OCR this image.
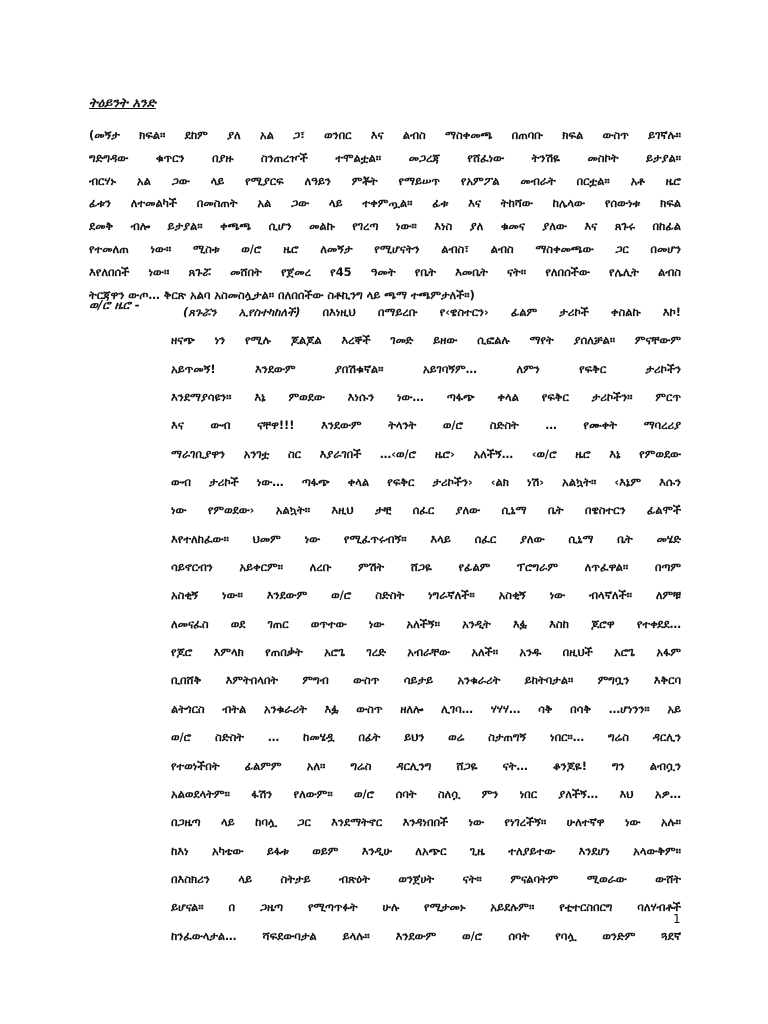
ትዕይንት አንድ
(መኝታ ክፍል። ደከም ያለ አል ጋ፣ ወንበር እና ልብስ ማስቀመጫ በጠባቡ ክፍል ውስጥ ይገኛሉ።
ግድግዳው ቁጥርን በያዙ ስንጠረዦች ተሞልቷል። መጋረጃ የሸፈነው ትንሽዬ መስኮት ይታያል።
ብርሃኑ አል ጋው ላይ የሚያርፍ ለዓይን ምቾት የማይሠጥ የአምፖል መብራት በርቷል። አቶ ዜሮ
ፊቱን ለተመልካች በመስጠት አል ጋው ላይ ተቀምጧል። ፊቱ እና ትከሻው ከሌላው የሰውነቱ ክፍል
ደመቅ ብሎ ይታያል። ቀጫጫ ሲሆን መልኩ የገረጣ ነው። እነስ ያለ ቁመና ያለው እና ጸጉሩ በከፊል
የተመለጠ ነው። ሚስቱ ወ/ሮ ዜሮ ለመኝታ የሚሆናትን ልብስ፣ ልብስ ማስቀመጫው ጋር በመሆን
እየለበሰች ነው። ጸጉሯ መሸበት የጀመረ የ45 ዓመት የቤት እመቤት ናት። የለበሰችው የሌሊት ልብስ
ትርጃዋን ውጦ… ቅርጽ አልባ አስመስሏታል። በለበሰችው ስቶኪንግ ላይ ጫማ ተጫምታለች።)
ወ/ሮ ዜሮ -	(ጸጉሯን ኢየስተካከለች) በእነዚህ በማይረቡ የ‹ዌስተርን› ፊልም ታሪኮች ቀስልኩ እኮ!
ዘናጭ ነን የሚሉ ጆልጆል እረኞች ገመድ ይዘው ሲፎልሉ ማየት ያሰለቻል። ምናቸውም
አይጥመኝ! እንደውም ያበሽቁኛል። አይገባኝም… ለምን የፍቅር ታሪኮችን
እንደማያሳዩን። እኔ ምወደው እነሱን ነው… ጣፋጭ ቀላል የፍቅር ታሪኮችን። ምርጥ
እና ውብ ናቸዋ!!! እንደውም ትላንት ወ/ሮ ስድስት … የሙቀት ማባረሪያ
ማራገቢያዋን አንገቷ ስር እያራገበች …‹ወ/ሮ ዜሮ› አለችኝ… ‹ወ/ሮ ዜሮ እኔ የምወደው
ውብ ታሪኮች ነው… ጣፋጭ ቀላል የፍቅር ታሪኮችን› ‹ልክ ነሽ› አልኳት። ‹እኔም እሱን
ነው የምወደው› አልኳት። እዚህ ታቺ ሰፈር ያለው ሲኒማ ቤት በዌስተርን ፊልሞች
እየተለከፈው። ህመም ነው የሚፈጥሩብኝ። እላይ ሰፈር ያለው ሲኒማ ቤት መሄድ
ሳይኖርብን አይቀርም። ለረቡ ምሽት ሸጋዬ የፊልም ፕሮግራም ለጥፈዋል። በጣም
አስቂኝ ነው። እንደውም ወ/ሮ ስድስት ነግራኛለች። አስቂኝ ነው ብላኛለች። ለምቹ
ለመናፈስ ወደ ገጠር ወጥተው ነው አለችኝ። አንዲት እፏ እስከ ጆሮዋ የተቀደደ…
የጆሮ እምላክ የጠበቃት አሮጌ ገረድ አብራቸው አለች። አንዱ በዚህች አሮጌ አፋም
ቢበሸቅ እምትበላበት ምግብ ውስጥ ሳይታይ አንቁራሪት ይከትባታል። ምግቧን እቅርባ
ልትጎርስ ብትል አንቁራሪት እፏ ውስጥ ዘለሎ ሊገባ… ሃሃሃ… ሳቅ በሳቅ …ሆነንን። አይ
ወ/ሮ ስድስት … ከመሄዷ በፊት ይህን ወሬ ስታጠግኝ ነበር።… ግሬስ ዳርሊን
የተወነችበት ፊልምም አለ። ግሬስ ዳርሊንግ ሸጋዬ ናት… ቆንጆዬ! ግን ልብሷን
አልወደላትም። ፋሽን የለውም። ወ/ሮ ሰባት ስለሷ ምን ነበር ያለችኝ… እህ አዎ…
በጋዜጣ ላይ ከባሏ ጋር እንደማትኖር እንዳነበበች ነው የነገረችኝ። ሁለተኛዋ ነው አሉ።
ከእነ አካቴው ይፋቱ ወይም እንዲሁ ለአጭር ጊዜ ተለያይተው እንደሆነ አላውቅም።
በእስክሪን ላይ ስትታይ ብጽዕት ወንጀሀት ናት። ምናልባትም ሚወራው ውሸት
ይሆናል። በ ጋዜጣ የሚጣጥፉት ሁሉ የሚታመኑ አይደሉም። የቲተርስበርግ ባለሃብቶች
ከንፈውላታል… ሻፍደውባታል ይላሉ። እንደውም ወ/ሮ ሰባት የባሏ ወንድም ጓደኛ
1
